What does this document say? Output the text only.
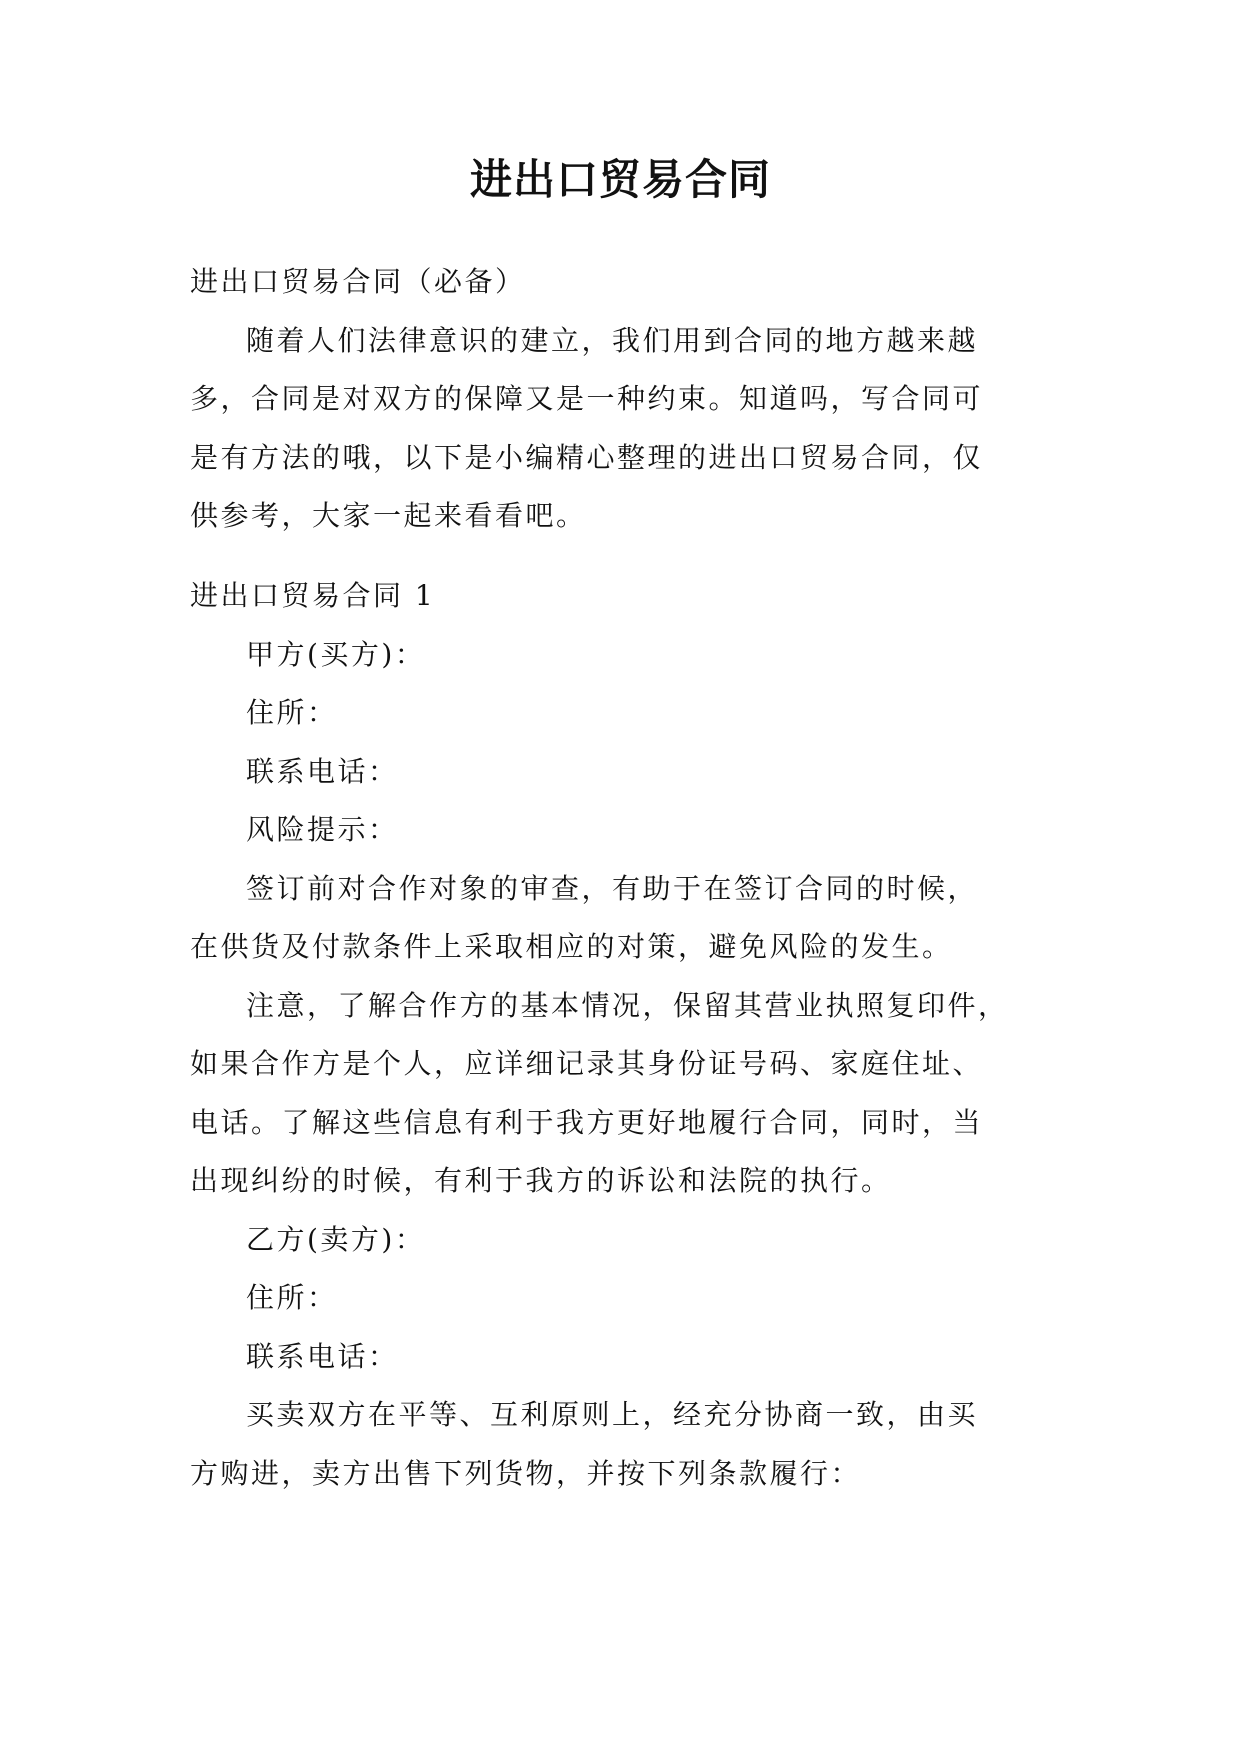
进出口贸易合同
进出口贸易合同（必备）
随着人们法律意识的建立，我们用到合同的地方越来越
多，合同是对双方的保障又是一种约束。知道吗，写合同可
是有方法的哦，以下是小编精心整理的进出口贸易合同，仅
供参考，大家一起来看看吧。
进出口贸易合同 1
甲方(买方)：
住所：
联系电话：
风险提示：
签订前对合作对象的审查，有助于在签订合同的时候，
在供货及付款条件上采取相应的对策，避免风险的发生。
注意，了解合作方的基本情况，保留其营业执照复印件，
如果合作方是个人，应详细记录其身份证号码、家庭住址、
电话。了解这些信息有利于我方更好地履行合同，同时，当
出现纠纷的时候，有利于我方的诉讼和法院的执行。
乙方(卖方)：
住所：
联系电话：
买卖双方在平等、互利原则上，经充分协商一致，由买
方购进，卖方出售下列货物，并按下列条款履行：
